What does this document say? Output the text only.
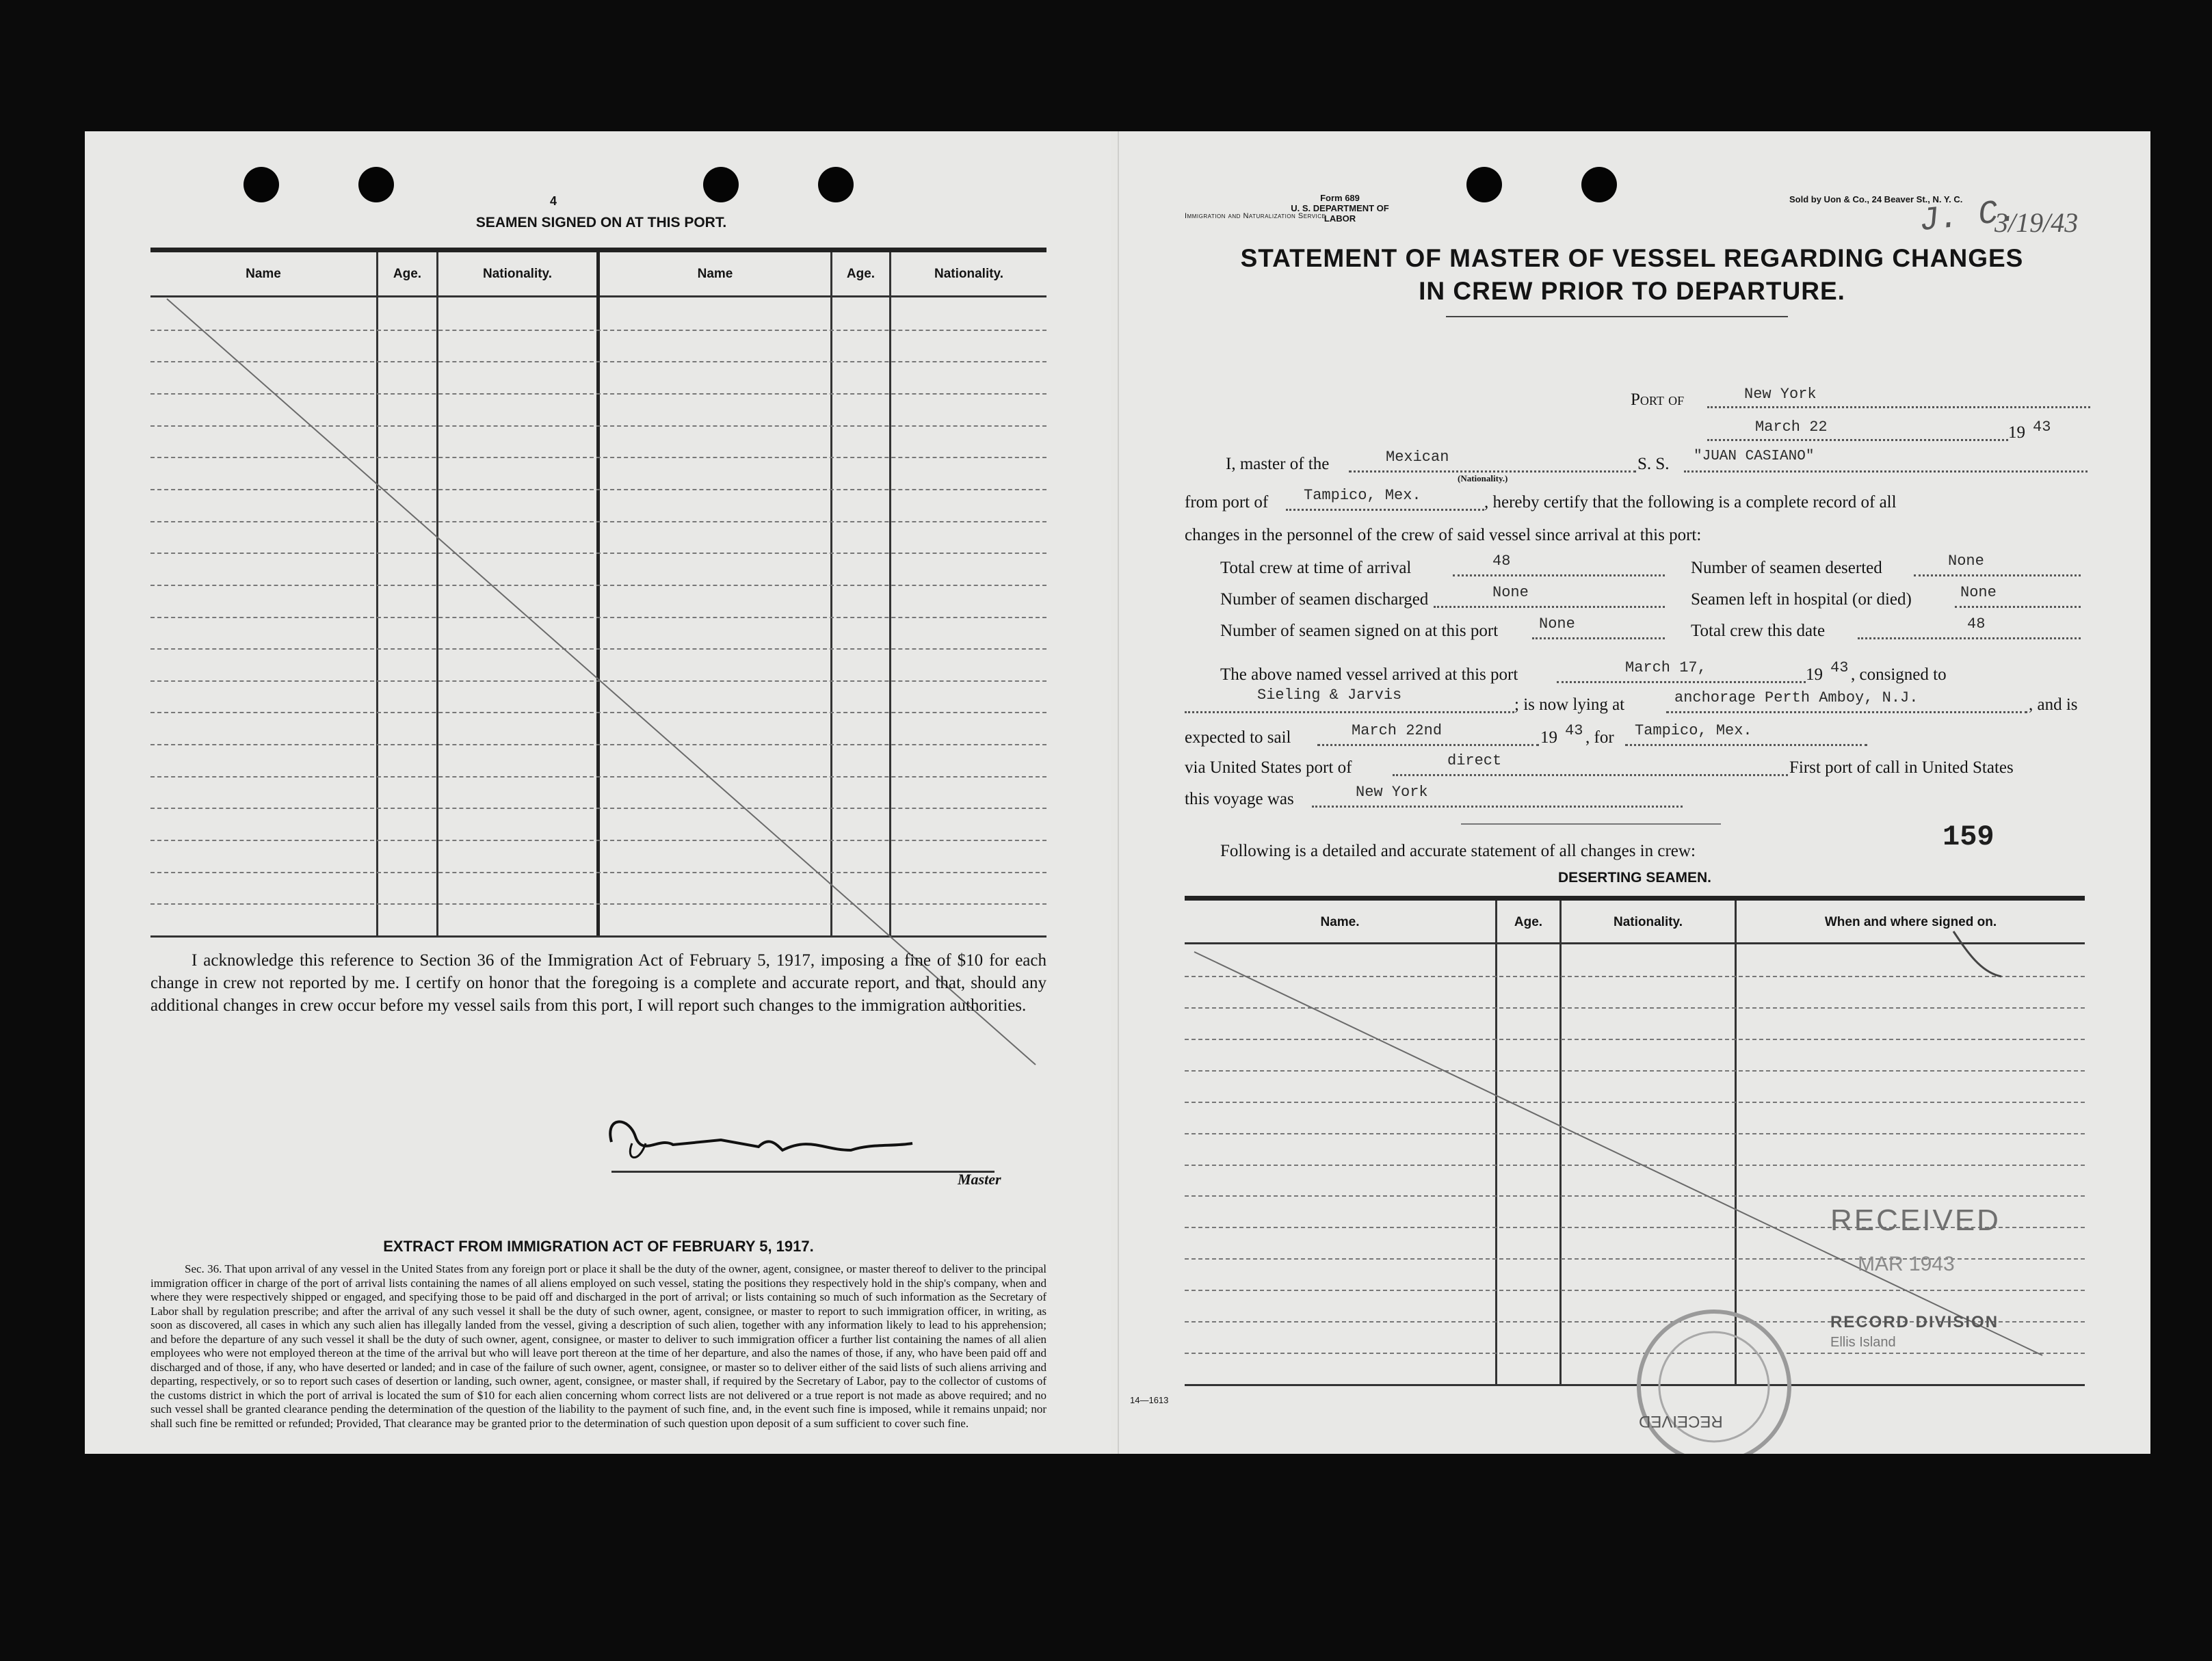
4
SEAMEN SIGNED ON AT THIS PORT.
Name	Age.	Nationality.	Name	Age.	Nationality.
I acknowledge this reference to Section 36 of the Immigration Act of February 5, 1917, imposing a fine of $10 for each change in crew not reported by me. I certify on honor that the foregoing is a complete and accurate report, and that, should any additional changes in crew occur before my vessel sails from this port, I will report such changes to the immigration authorities.
Master
EXTRACT FROM IMMIGRATION ACT OF FEBRUARY 5, 1917.
Sec. 36. That upon arrival of any vessel in the United States from any foreign port or place it shall be the duty of the owner, agent, consignee, or master thereof to deliver to the principal immigration officer in charge of the port of arrival lists containing the names of all aliens employed on such vessel, stating the positions they respectively hold in the ship's company, when and where they were respectively shipped or engaged, and specifying those to be paid off and discharged in the port of arrival; or lists containing so much of such information as the Secretary of Labor shall by regulation prescribe; and after the arrival of any such vessel it shall be the duty of such owner, agent, consignee, or master to report to such immigration officer, in writing, as soon as discovered, all cases in which any such alien has illegally landed from the vessel, giving a description of such alien, together with any information likely to lead to his apprehension; and before the departure of any such vessel it shall be the duty of such owner, agent, consignee, or master to deliver to such immigration officer a further list containing the names of all alien employees who were not employed thereon at the time of the arrival but who will leave port thereon at the time of her departure, and also the names of those, if any, who have been paid off and discharged and of those, if any, who have deserted or landed; and in case of the failure of such owner, agent, consignee, or master so to deliver either of the said lists of such aliens arriving and departing, respectively, or so to report such cases of desertion or landing, such owner, agent, consignee, or master shall, if required by the Secretary of Labor, pay to the collector of customs of the customs district in which the port of arrival is located the sum of $10 for each alien concerning whom correct lists are not delivered or a true report is not made as above required; and no such vessel shall be granted clearance pending the determination of the question of the liability to the payment of such fine, and, in the event such fine is imposed, while it remains unpaid; nor shall such fine be remitted or refunded; Provided, That clearance may be granted prior to the determination of such question upon deposit of a sum sufficient to cover such fine.
Form 689
U. S. DEPARTMENT OF LABOR
Immigration and Naturalization Service
Sold by Uon & Co., 24 Beaver St., N. Y. C.
J. C.
3/19/43
STATEMENT OF MASTER OF VESSEL REGARDING CHANGES
IN CREW PRIOR TO DEPARTURE.
Port of	New York
March 22	19 43
I, master of the	Mexican
(Nationality.)
S. S. "JUAN CASIANO"
from port of Tampico, Mex.	, hereby certify that the following is a complete record of all
changes in the personnel of the crew of said vessel since arrival at this port:
Total crew at time of arrival	48	Number of seamen deserted	None
Number of seamen discharged	None	Seamen left in hospital (or died)	None
Number of seamen signed on at this port	None	Total crew this date	48
The above named vessel arrived at this port	March 17,	19 43 , consigned to
Sieling & Jarvis
; is now lying at	anchorage Perth Amboy, N.J.	, and is
expected to sail	March 22nd	19 43 , for Tampico, Mex.
via United States port of	direct	First port of call in United States
this voyage was	New York
Following is a detailed and accurate statement of all changes in crew:	159
DESERTING SEAMEN.
Name.	Age.	Nationality.	When and where signed on.
14—1613
RECEIVED
MAR 1943
RECORD DIVISION
Ellis Island
RECEIVED
